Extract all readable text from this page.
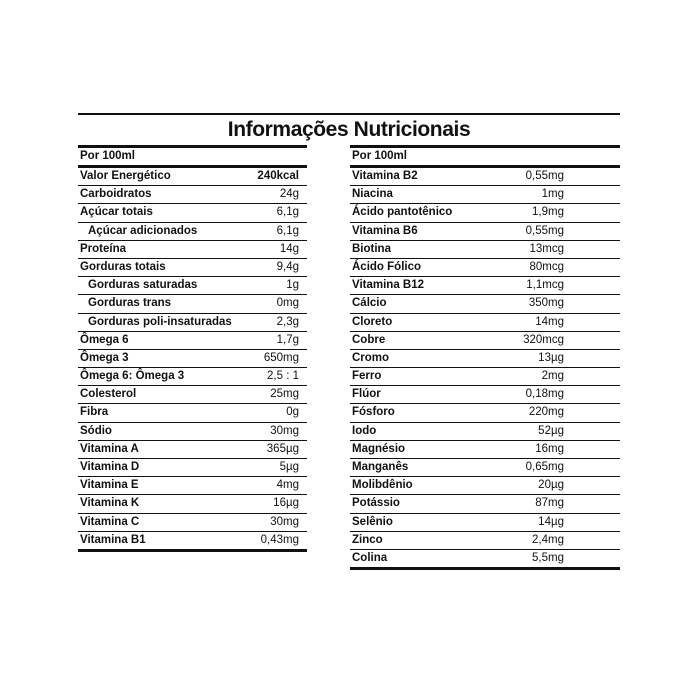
Informações Nutricionais
Por 100ml
Valor Energético	240kcal
Carboidratos	24g
Açúcar totais	6,1g
Açúcar adicionados	6,1g
Proteína	14g
Gorduras totais	9,4g
Gorduras saturadas	1g
Gorduras trans	0mg
Gorduras poli-insaturadas	2,3g
Ômega 6	1,7g
Ômega 3	650mg
Ômega 6: Ômega 3	2,5 : 1
Colesterol	25mg
Fibra	0g
Sódio	30mg
Vitamina A	365µg
Vitamina D	5µg
Vitamina E	4mg
Vitamina K	16µg
Vitamina C	30mg
Vitamina B1	0,43mg
Por 100ml
Vitamina B2	0,55mg
Niacina	1mg
Ácido pantotênico	1,9mg
Vitamina B6	0,55mg
Biotina	13mcg
Ácido Fólico	80mcg
Vitamina B12	1,1mcg
Cálcio	350mg
Cloreto	14mg
Cobre	320mcg
Cromo	13µg
Ferro	2mg
Flúor	0,18mg
Fósforo	220mg
Iodo	52µg
Magnésio	16mg
Manganês	0,65mg
Molibdênio	20µg
Potássio	87mg
Selênio	14µg
Zinco	2,4mg
Colina	5,5mg
